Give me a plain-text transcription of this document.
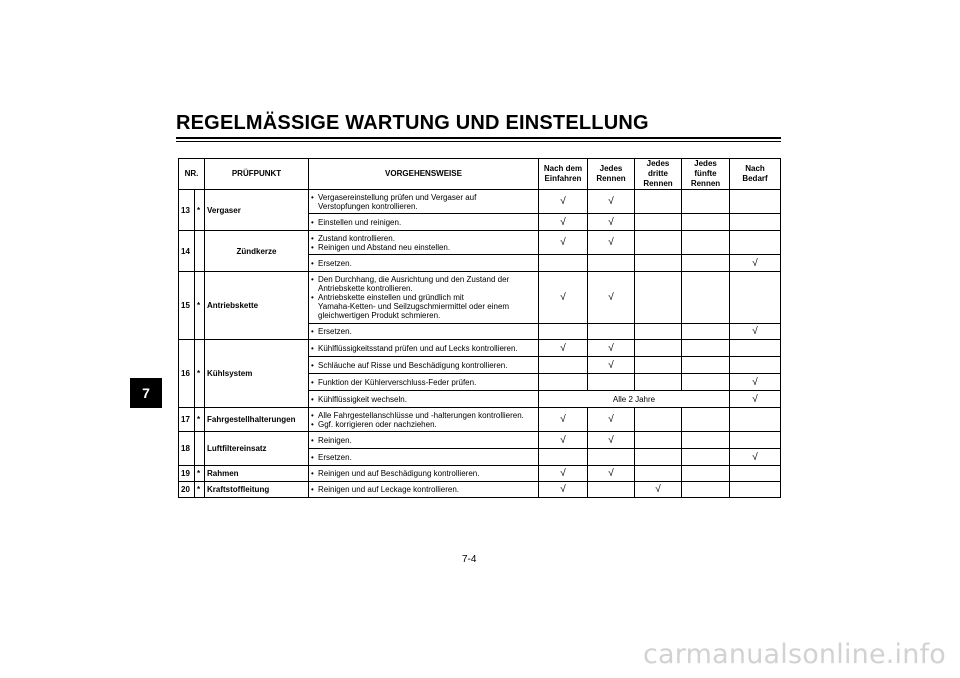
REGELMÄSSIGE WARTUNG UND EINSTELLUNG
7
NR.		PRÜFPUNKT	VORGEHENSWEISE	Nach dem
Einfahren	Jedes
Rennen	Jedes
dritte
Rennen	Jedes
fünfte
Rennen	Nach
Bedarf
13	*	Vergaser	• Vergasereinstellung prüfen und Vergaser auf
Verstopfungen kontrollieren.	√	√			

			• Einstellen und reinigen.	√	√			
14		Zündkerze	• Zustand kontrollieren.
• Reinigen und Abstand neu einstellen.	√	√			

			• Ersetzen.					√
15	*	Antriebskette	• Den Durchhang, die Ausrichtung und den Zustand der
Antriebskette kontrollieren.
• Antriebskette einstellen und gründlich mit
Yamaha-Ketten- und Seilzugschmiermittel oder einem
gleichwertigen Produkt schmieren.	√	√			

			• Ersetzen.					√
16	*	Kühlsystem	• Kühlflüssigkeitsstand prüfen und auf Lecks kontrollieren.	√	√			

			• Schläuche auf Risse und Beschädigung kontrollieren.		√			

			• Funktion der Kühlerverschluss-Feder prüfen.					√

			• Kühlflüssigkeit wechseln.	Alle 2 Jahre				√
17	*	Fahrgestellhalterungen	• Alle Fahrgestellanschlüsse und -halterungen kontrollieren.
• Ggf. korrigieren oder nachziehen.	√	√			
18		Luftfiltereinsatz	• Reinigen.	√	√			

			• Ersetzen.					√
19	*	Rahmen	• Reinigen und auf Beschädigung kontrollieren.	√	√			
20	*	Kraftstoffleitung	• Reinigen und auf Leckage kontrollieren.	√		√		
7-4
carmanualsonline.info
